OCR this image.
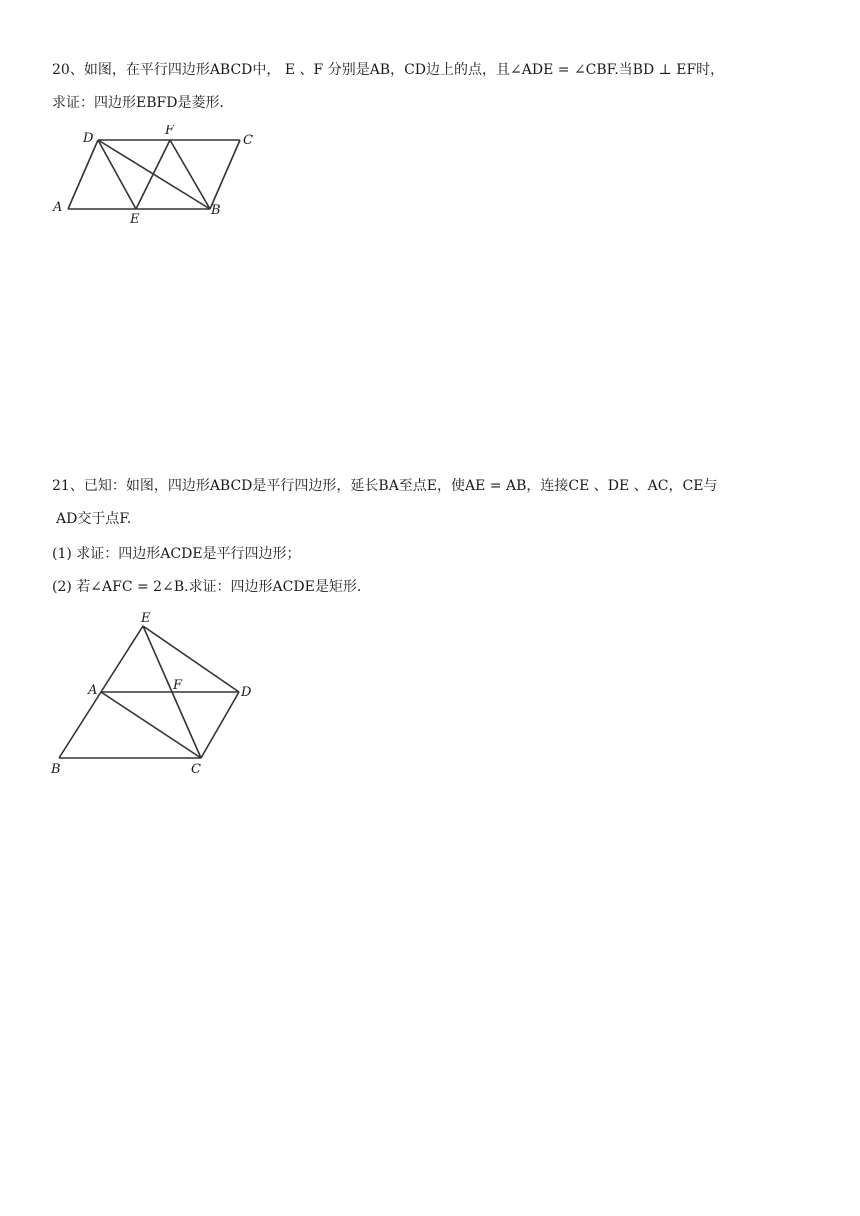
20、如图，在平行四边形ABCD中， E 、F 分别是AB，CD边上的点，且∠ADE = ∠CBF.当BD ⊥ EF时，
求证：四边形EBFD是菱形.
D
F
C
A
E
B
21、已知：如图，四边形ABCD是平行四边形，延长BA至点E，使AE = AB，连接CE 、DE 、AC，CE与
AD交于点F.
(1) 求证：四边形ACDE是平行四边形；
(2) 若∠AFC = 2∠B.求证：四边形ACDE是矩形.
E
A	F	D
B	C
